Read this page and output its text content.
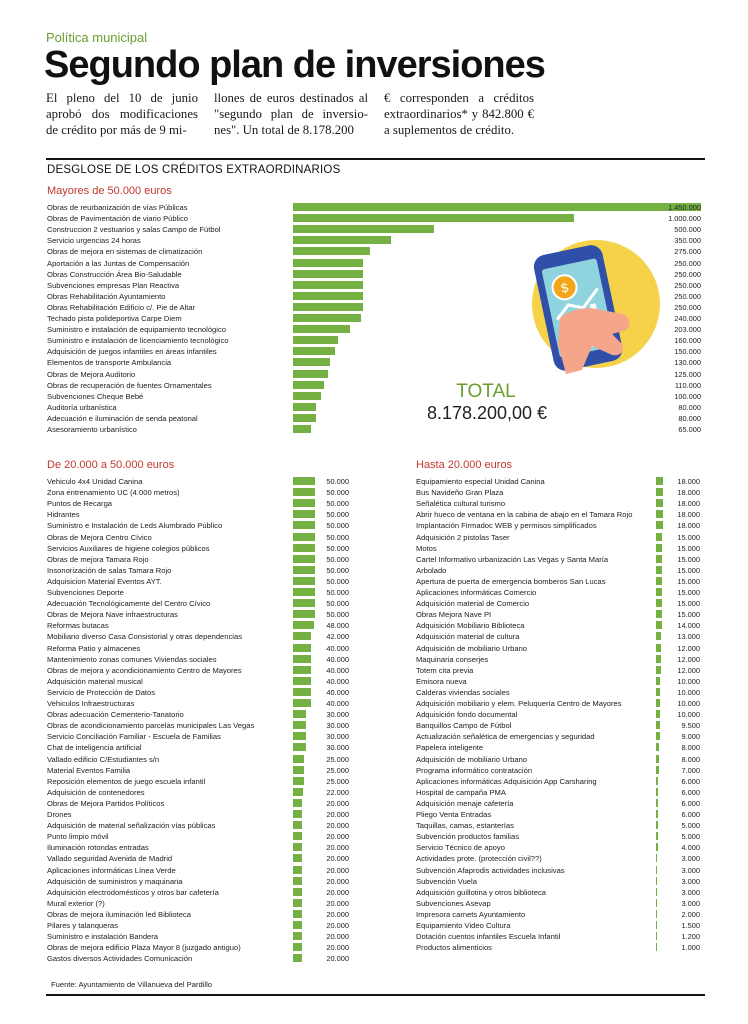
Política municipal
Segundo plan de inversiones
El pleno del 10 de junio aprobó dos modificaciones de crédito por más de 9 mi-
llones de euros destinados al "segundo plan de inversio-nes". Un total de 8.178.200
€ corresponden a créditos extraordinarios* y 842.800 € a suplementos de crédito.
DESGLOSE DE LOS CRÉDITOS EXTRAORDINARIOS
Mayores de 50.000 euros
De 20.000 a 50.000 euros	Hasta 20.000 euros
Obras de reurbanización de vías Públicas	1.450.000
Obras de Pavimentación de viario Público	1.000.000
Construccion 2 vestuarios y salas Campo de Fútbol	500.000
Servicio urgencias 24 horas	350.000
Obras de mejora en sistemas de climatización	275.000
Aportación a las Juntas de Compensación	250.000
Obras Construcción Área Bio-Saludable	250.000
Subvenciones empresas Plan Reactiva	250.000
Obras Rehabilitación Ayuntamiento	250.000
Obras Rehabilitación Edificio c/. Pie de Altar	250.000
Techado pista polideportiva Carpe Diem	240.000
Suministro e instalación de equipamiento tecnológico	203.000
Suministro e instalación de licenciamiento tecnológico	160.000
Adquisición de juegos infantiles en áreas infantiles	150.000
Elementos de transporte Ambulancia	130.000
Obras de Mejora Auditorio	125.000
Obras de recuperación de fuentes Ornamentales	110.000
Subvenciones Cheque Bebé	100.000
Auditoría urbanística	80.000
Adecuación e iluminación de senda peatonal	80.000
Asesoramiento urbanístico	65.000
Vehiculo 4x4 Unidad Canina	50.000
Zona entrenamiento UC (4.000 metros)	50.000
Puntos de Recarga	50.000
Hidrantes	50.000
Suministro e Instalación de Leds Alumbrado Público	50.000
Obras de Mejora Centro Cívico	50.000
Servicios Auxiliares de higiene colegios públicos	50.000
Obras de mejora Tamara Rojo	50.000
Insonorización de salas Tamara Rojo	50.000
Adquisicion Material Eventos AYT.	50.000
Subvenciones Deporte	50.000
Adecuación Tecnológicamente del Centro Cívico	50.000
Obras de Mejora Nave infraestructuras	50.000
Reformas butacas	48.000
Mobiliario diverso Casa Consistorial y otras dependencias	42.000
Reforma Patio y almacenes	40.000
Mantenimiento zonas comunes Viviendas sociales	40.000
Obras de mejora y acondicionamiento Centro de Mayores	40.000
Adquisición material musical	40.000
Servicio de Protección de Datos	40.000
Vehiculos Infraestructuras	40.000
Obras adecuación Cementerio-Tanatorio	30.000
Obras de acondicionamiento parcelas municipales Las Vegas	30.000
Servicio Conciliación Familiar - Escuela de Familias	30.000
Chat de inteligencia artificial	30.000
Vallado edificio C/Estudiantes s/n	25.000
Material Eventos Familia	25.000
Reposición elementos de juego escuela infantil	25.000
Adquisición de contenedores	22.000
Obras de Mejora Partidos Políticos	20.000
Drones	20.000
Adquisición de material señalización vías públicas	20.000
Punto limpio móvil	20.000
Iluminación rotondas entradas	20.000
Vallado seguridad Avenida de Madrid	20.000
Aplicaciones informáticas Línea Verde	20.000
Adquisición de suministros y maquinaria	20.000
Adquisición electrodomésticos y otros bar cafetería	20.000
Mural exterior (?)	20.000
Obras de mejora iluminación led Biblioteca	20.000
Pilares y talanqueras	20.000
Suministro e instalación Bandera	20.000
Obras de mejora edificio Plaza Mayor 8 (juzgado antiguo)	20.000
Gastos diversos Actividades Comunicación	20.000
Equipamiento especial Unidad Canina	18.000
Bus Navideño Gran Plaza	18.000
Señalética cultural turismo	18.000
Abrir hueco de ventana en la cabina de abajo en el Tamara Rojo	18.000
Implantación Firmadoc WEB y permisos simplificados	18.000
Adquisición 2 pistolas Taser	15.000
Motos	15.000
Cartel Informativo urbanización Las Vegas y Santa María	15.000
Arbolado	15.000
Apertura de puerta de emergencia bomberos San Lucas	15.000
Aplicaciones informáticas Comercio	15.000
Adquisición material de Comercio	15.000
Obras Mejora Nave PI	15.000
Adquisición Mobiliario Biblioteca	14.000
Adquisición material de cultura	13.000
Adquisición de mobiliario Urbano	12.000
Maquinaria conserjes	12.000
Totem cita previa	12.000
Emisora nueva	10.000
Calderas viviendas sociales	10.000
Adquisición mobiliario y elem. Peluquería Centro de Mayores	10.000
Adquisición fondo documental	10.000
Banquillos Campo de Fútbol	9.500
Actualización señalética de emergencias y seguridad	9.000
Papelera inteligente	8.000
Adquisición de mobiliario Urbano	8.000
Programa informático contratación	7.000
Aplicaciones informáticas Adquisición App Carsharing	6.000
Hospital de campaña PMA	6.000
Adquisición menaje cafetería	6.000
Pliego Venta Entradas	6.000
Taquillas, camas, estanterías	5.000
Subvención productos familias	5.000
Servicio Técnico de apoyo	4.000
Actividades prote. (protección civil??)	3.000
Subvención Afaprodis actividades inclusivas	3.000
Subvención Vuela	3.000
Adquisición guillotina y otros biblioteca	3.000
Subvenciones Asevap	3.000
Impresora carnets Ayuntamiento	2.000
Equipamiento Video Cultura	1.500
Dotación cuentos infantiles Escuela Infantil	1.200
Productos alimenticios	1.000
$
TOTAL
8.178.200,00 €
Fuente: Ayuntamiento de Villanueva del Pardillo
